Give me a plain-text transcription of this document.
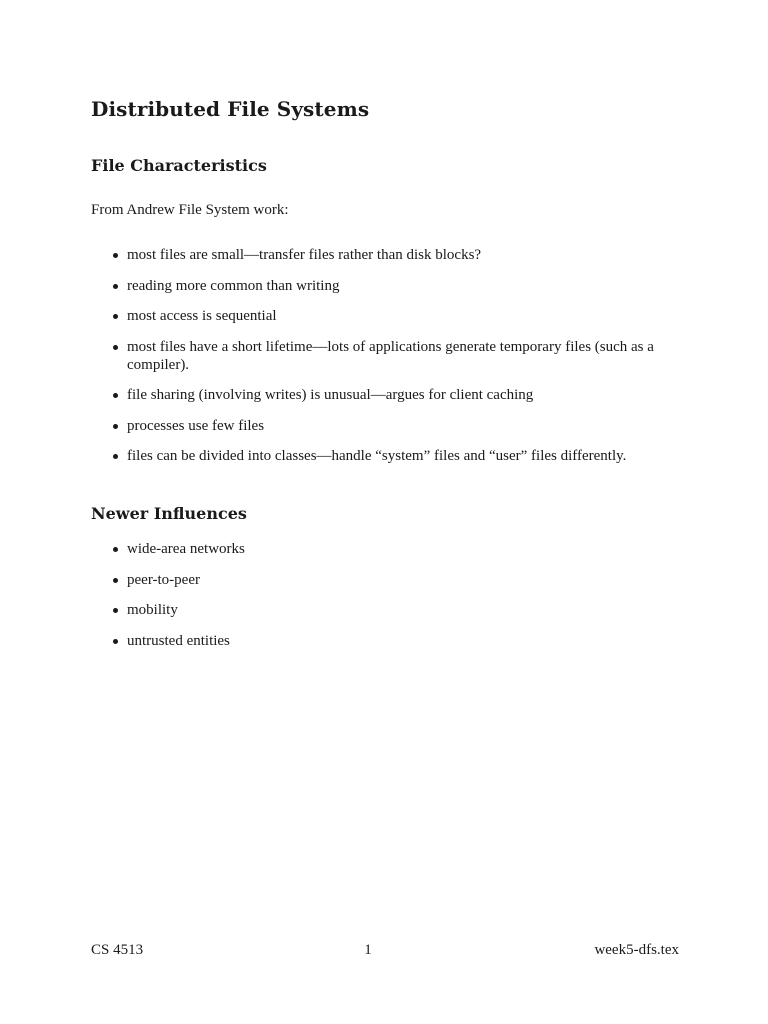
Distributed File Systems
File Characteristics

From Andrew File System work:

most files are small—transfer files rather than disk blocks?
reading more common than writing
most access is sequential
most files have a short lifetime—lots of applications generate temporary files (such as a compiler).
file sharing (involving writes) is unusual—argues for client caching
processes use few files
files can be divided into classes—handle “system” files and “user” files differently.
Newer Influences
wide-area networks
peer-to-peer
mobility
untrusted entities
CS 4513	1	week5-dfs.tex
